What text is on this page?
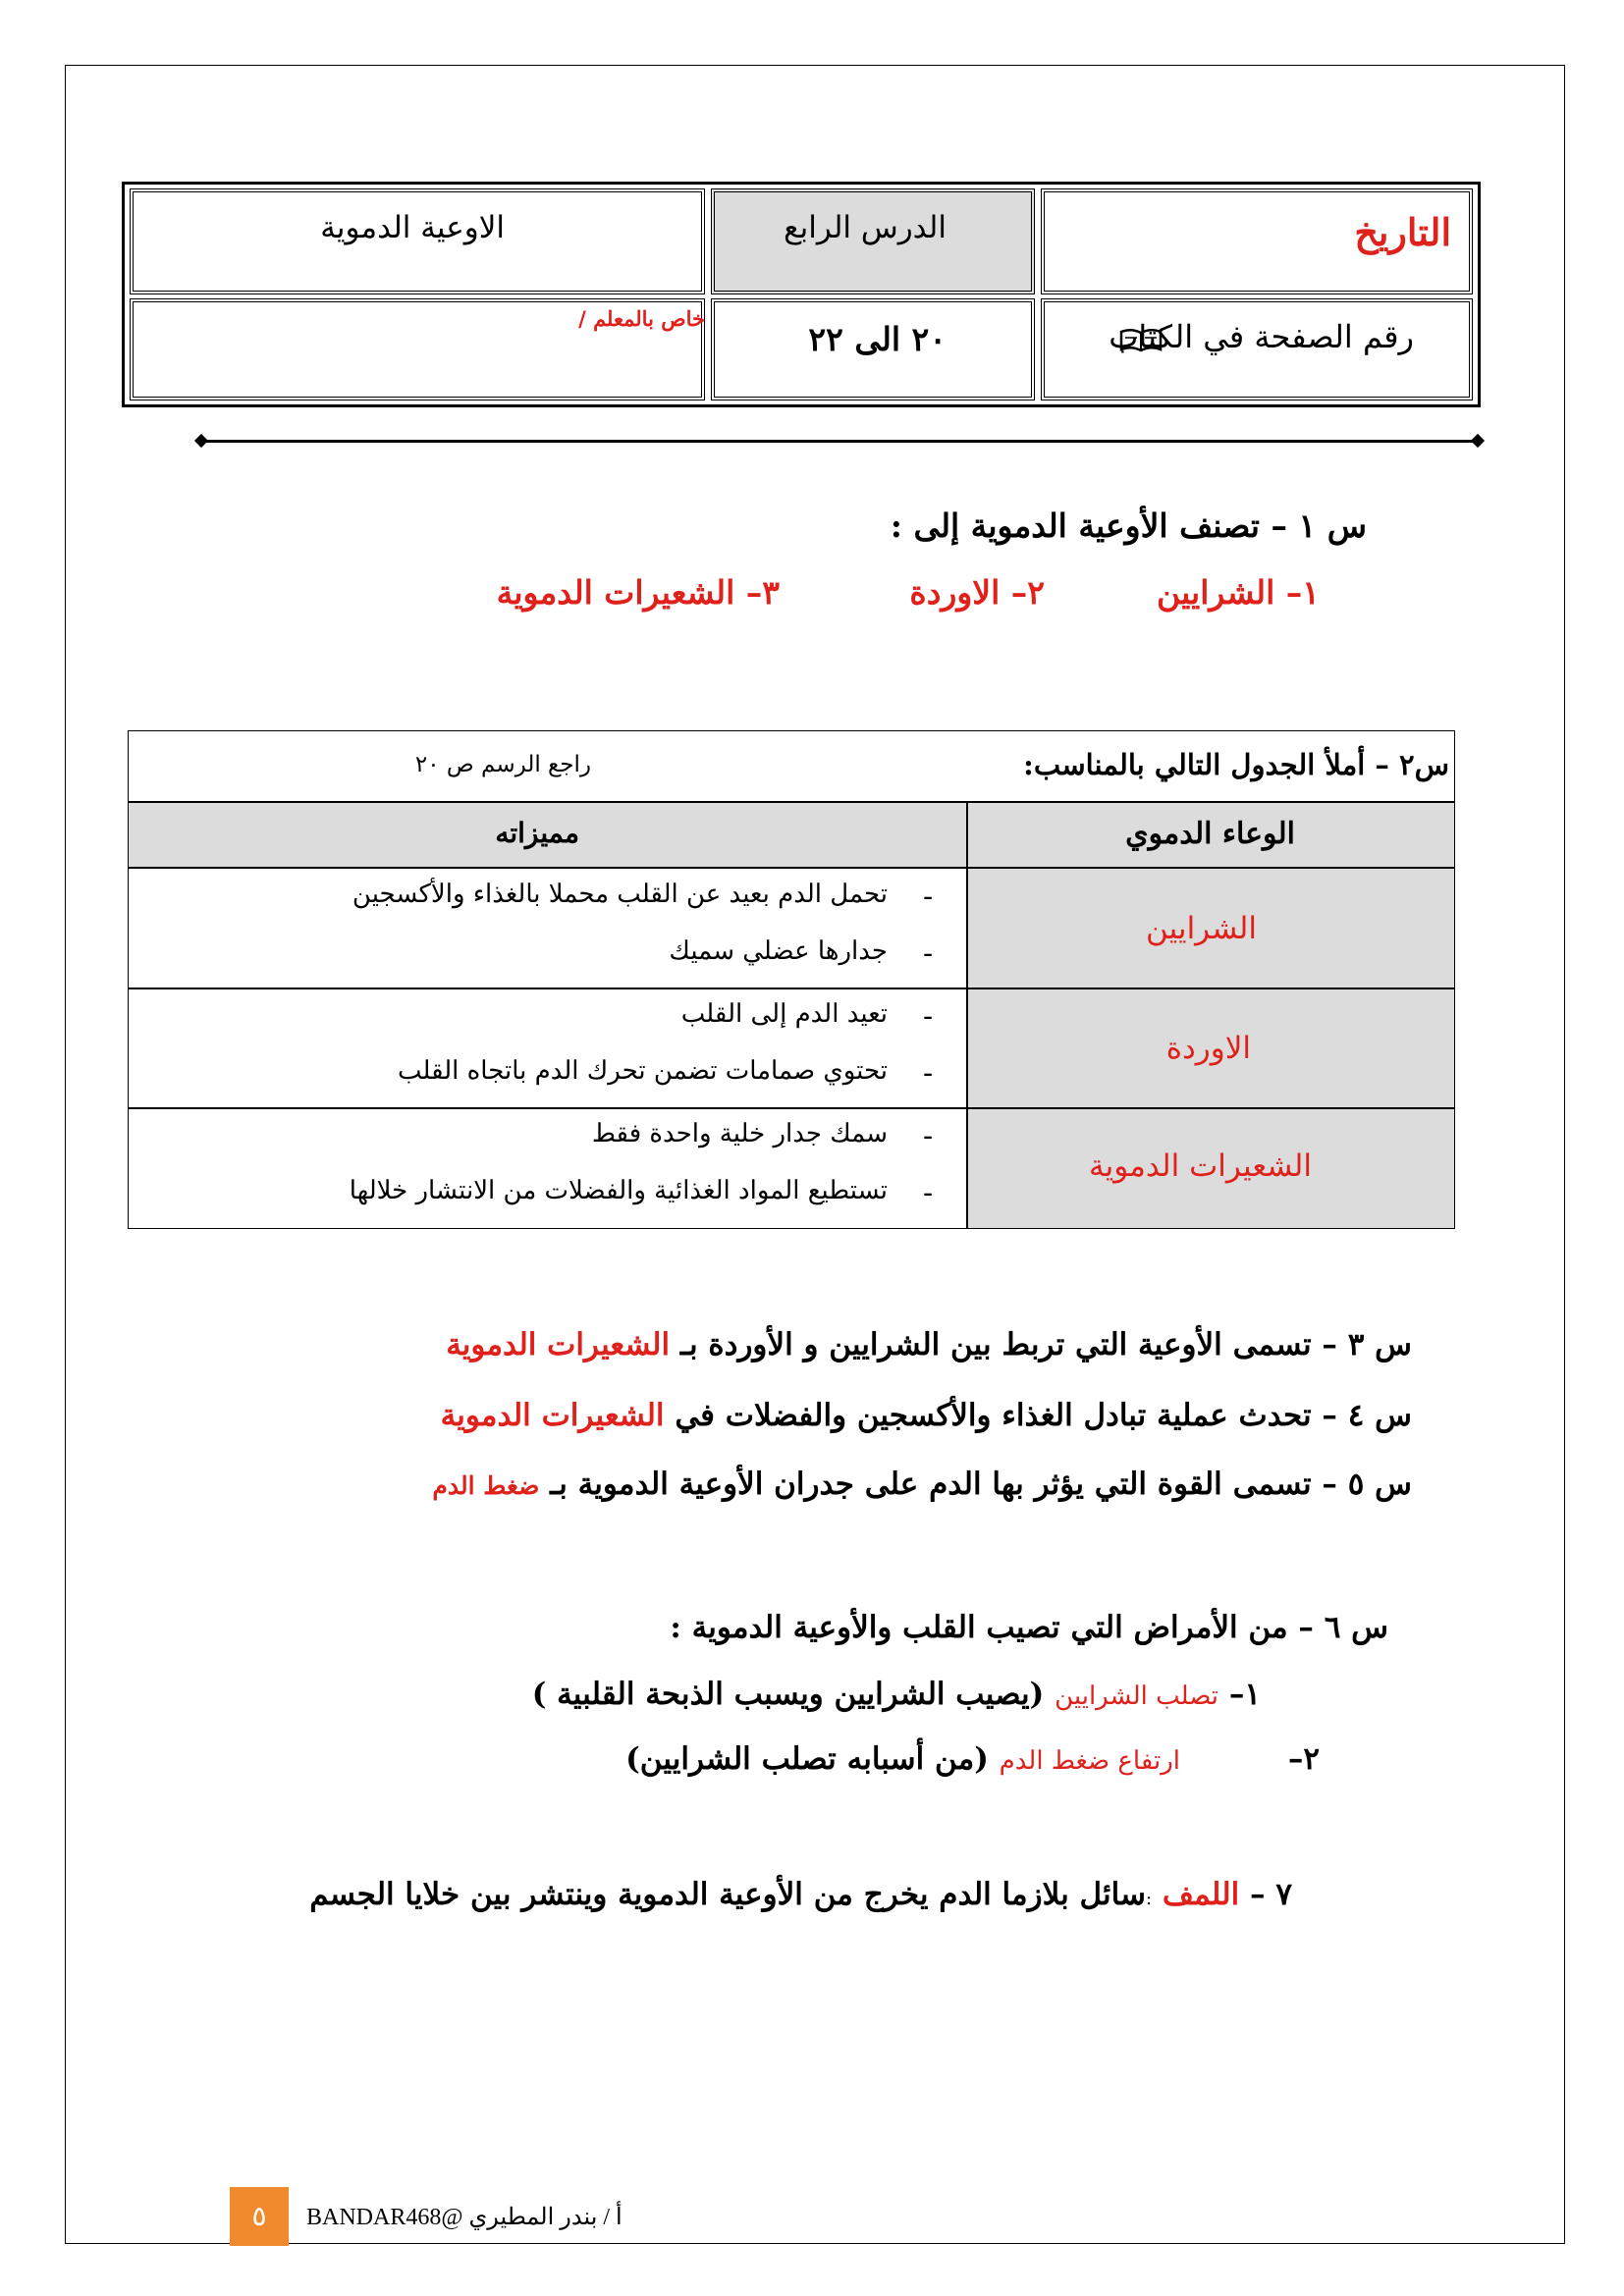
التاريخ
الدرس الرابع
الاوعية الدموية
رقم الصفحة في الكتاب
٢٠ الى ٢٢
خاص بالمعلم /
س ١ – تصنف الأوعية الدموية إلى :
١– الشرايين
٢– الاوردة
٣– الشعيرات الدموية
س٢ – أملأ الجدول التالي بالمناسب:
راجع الرسم ص ٢٠
الوعاء الدموي
مميزاته
الشرايين
-
تحمل الدم بعيد عن القلب محملا بالغذاء والأكسجين
-
جدارها عضلي سميك
الاوردة
-
تعيد الدم إلى القلب
-
تحتوي صمامات تضمن تحرك الدم باتجاه القلب
الشعيرات الدموية
-
سمك جدار خلية واحدة فقط
-
تستطيع المواد الغذائية والفضلات من الانتشار خلالها
س ٣ – تسمى الأوعية التي تربط بين الشرايين و الأوردة بـ الشعيرات الدموية
س ٤ – تحدث عملية تبادل الغذاء والأكسجين والفضلات في الشعيرات الدموية
س ٥ – تسمى القوة التي يؤثر بها الدم على جدران الأوعية الدموية بـ ضغط الدم
س ٦ – من الأمراض التي تصيب القلب والأوعية الدموية :
١– تصلب الشرايين (يصيب الشرايين ويسبب الذبحة القلبية )
٢–
ارتفاع ضغط الدم (من أسبابه تصلب الشرايين)
٧ – اللمف :سائل بلازما الدم يخرج من الأوعية الدموية وينتشر بين خلايا الجسم
٥	أ / بندر المطيري @BANDAR468
